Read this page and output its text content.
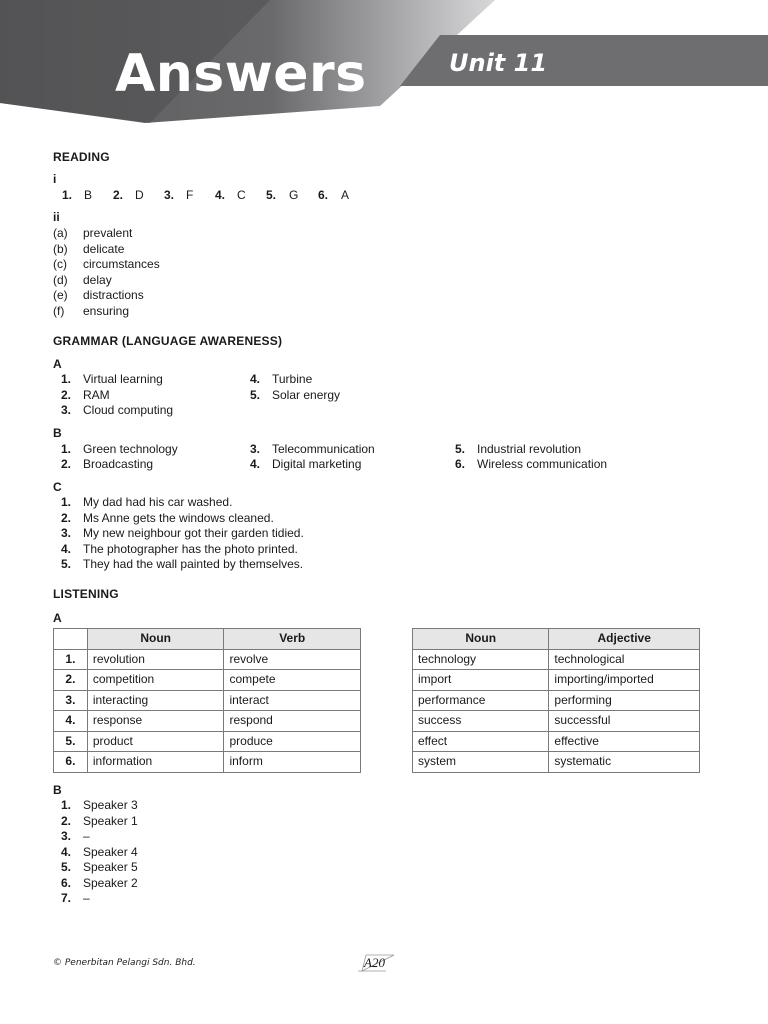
Answers	Unit 11
READING
i
1. B 2. D 3. F 4. C 5. G 6. A
ii
(a) prevalent
(b) delicate
(c) circumstances
(d) delay
(e) distractions
(f) ensuring
GRAMMAR (LANGUAGE AWARENESS)
A
1. Virtual learning
2. RAM
3. Cloud computing
4. Turbine
5. Solar energy
B
1. Green technology
2. Broadcasting
3. Telecommunication
4. Digital marketing
5. Industrial revolution
6. Wireless communication
C
1. My dad had his car washed.
2. Ms Anne gets the windows cleaned.
3. My new neighbour got their garden tidied.
4. The photographer has the photo printed.
5. They had the wall painted by themselves.
LISTENING
A
	Noun	Verb
1.	revolution	revolve
2.	competition	compete
3.	interacting	interact
4.	response	respond
5.	product	produce
6.	information	inform
Noun	Adjective
technology	technological
import	importing/imported
performance	performing
success	successful
effect	effective
system	systematic
B
1. Speaker 3
2. Speaker 1
3. –
4. Speaker 4
5. Speaker 5
6. Speaker 2
7. –
© Penerbitan Pelangi Sdn. Bhd.	A20
